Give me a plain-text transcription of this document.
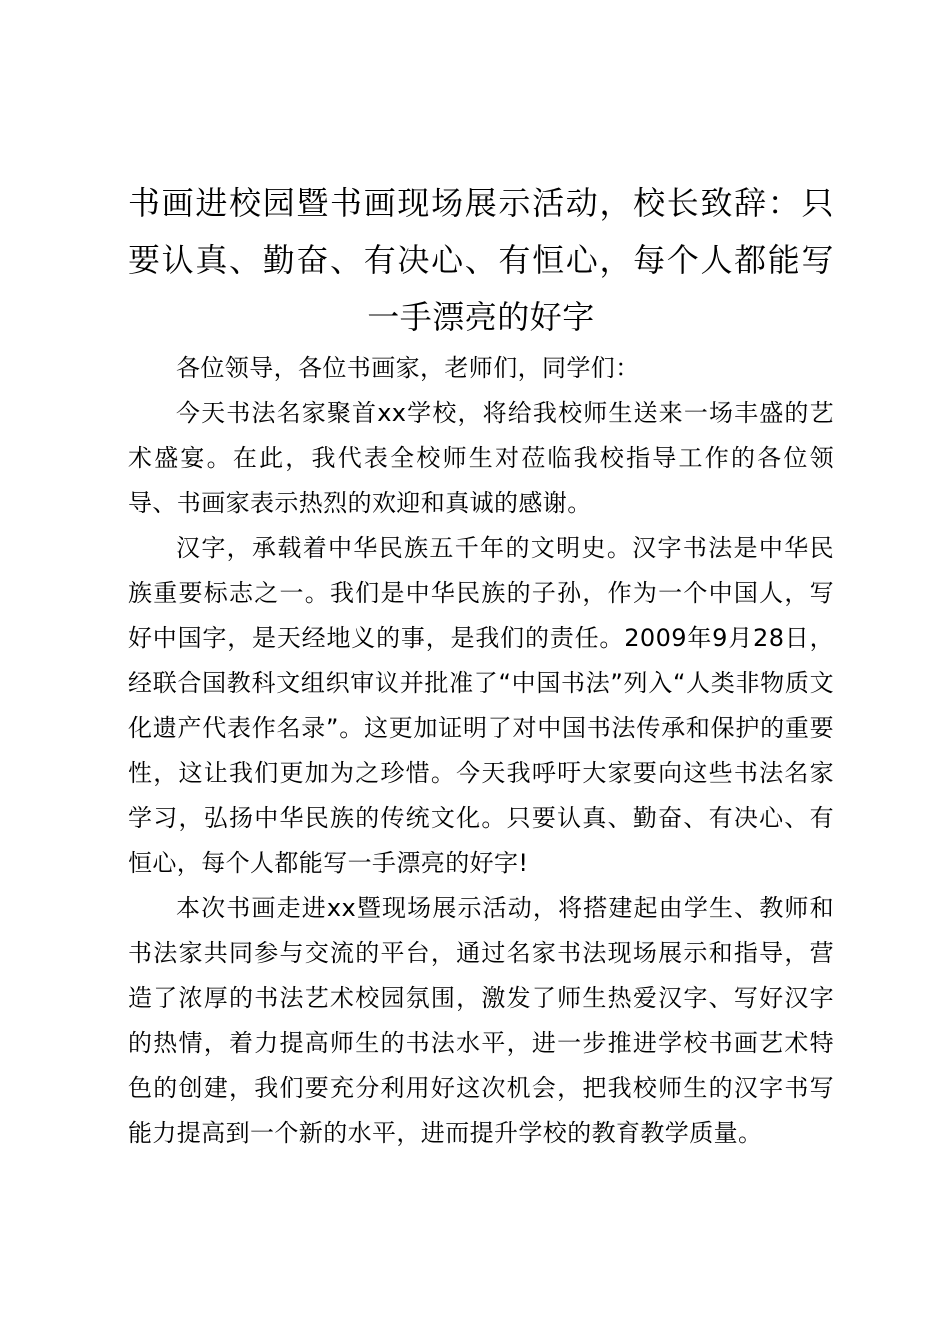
书画进校园暨书画现场展示活动，校长致辞：只要认真、勤奋、有决心、有恒心，每个人都能写一手漂亮的好字

各位领导，各位书画家，老师们，同学们：

今天书法名家聚首xx学校，将给我校师生送来一场丰盛的艺术盛宴。在此，我代表全校师生对莅临我校指导工作的各位领导、书画家表示热烈的欢迎和真诚的感谢。

汉字，承载着中华民族五千年的文明史。汉字书法是中华民族重要标志之一。我们是中华民族的子孙，作为一个中国人，写好中国字，是天经地义的事，是我们的责任。2009年9月28日，经联合国教科文组织审议并批准了“中国书法”列入“人类非物质文化遗产代表作名录”。这更加证明了对中国书法传承和保护的重要性，这让我们更加为之珍惜。今天我呼吁大家要向这些书法名家学习，弘扬中华民族的传统文化。只要认真、勤奋、有决心、有恒心，每个人都能写一手漂亮的好字!

本次书画走进xx暨现场展示活动，将搭建起由学生、教师和书法家共同参与交流的平台，通过名家书法现场展示和指导，营造了浓厚的书法艺术校园氛围，激发了师生热爱汉字、写好汉字的热情，着力提高师生的书法水平，进一步推进学校书画艺术特色的创建，我们要充分利用好这次机会，把我校师生的汉字书写能力提高到一个新的水平，进而提升学校的教育教学质量。
